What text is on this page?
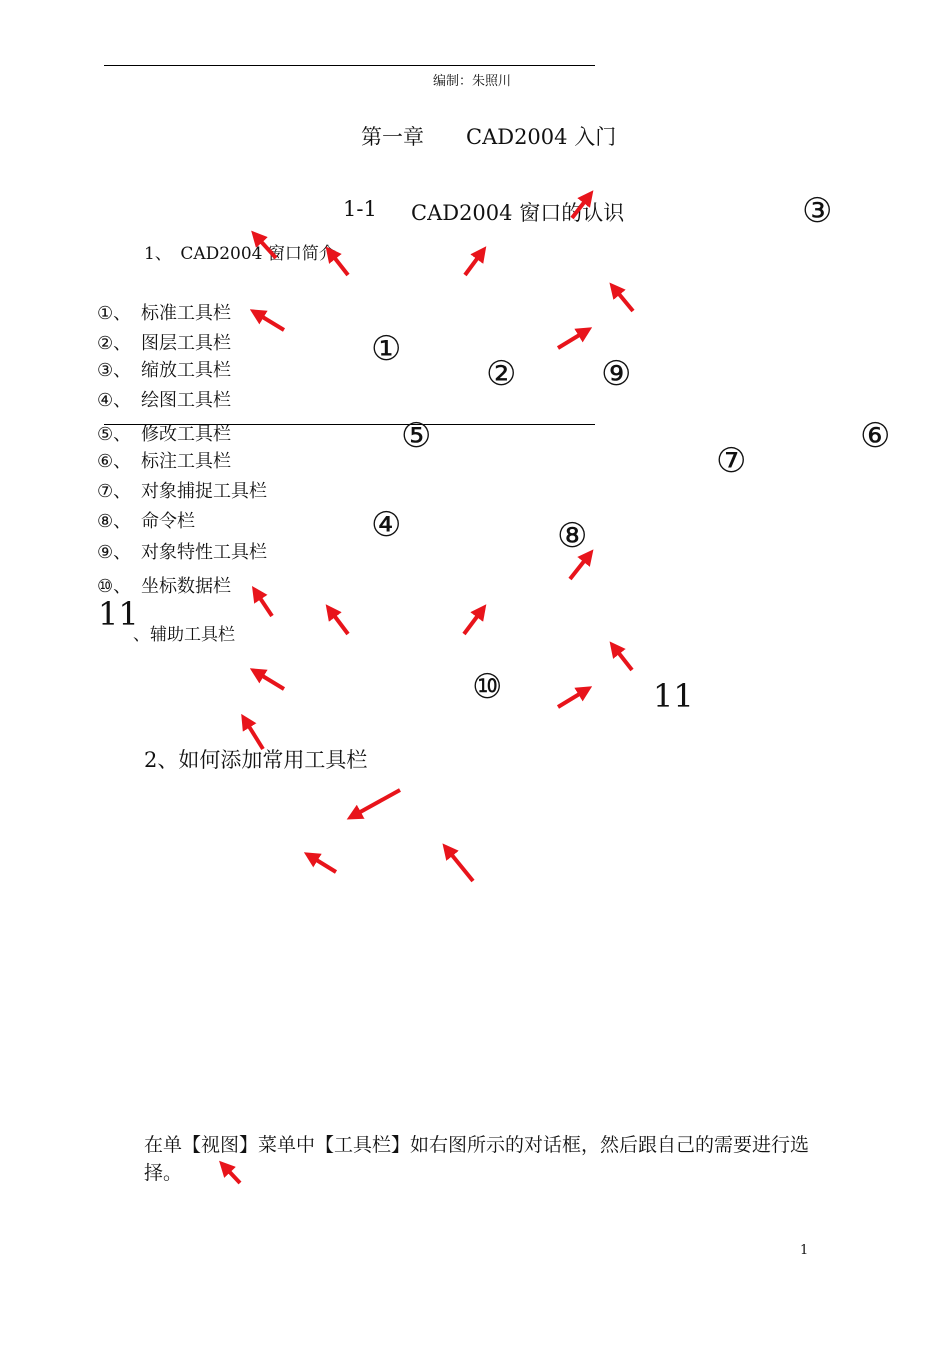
编制：朱照川
第一章　　CAD2004 入门
1-1 CAD2004 窗口的认识
1、　CAD2004 窗口简介
①、 标准工具栏
②、 图层工具栏
③、 缩放工具栏
④、 绘图工具栏
⑤、 修改工具栏
⑥、 标注工具栏
⑦、 对象捕捉工具栏
⑧、 命令栏
⑨、 对象特性工具栏
⑩、 坐标数据栏
11
、辅助工具栏
①
②
③
④
⑤	⑥
⑦
⑧
⑨
⑩	11
2、如何添加常用工具栏
在单【视图】菜单中【工具栏】如右图所示的对话框，然后跟自己的需要进行选
择。
1
